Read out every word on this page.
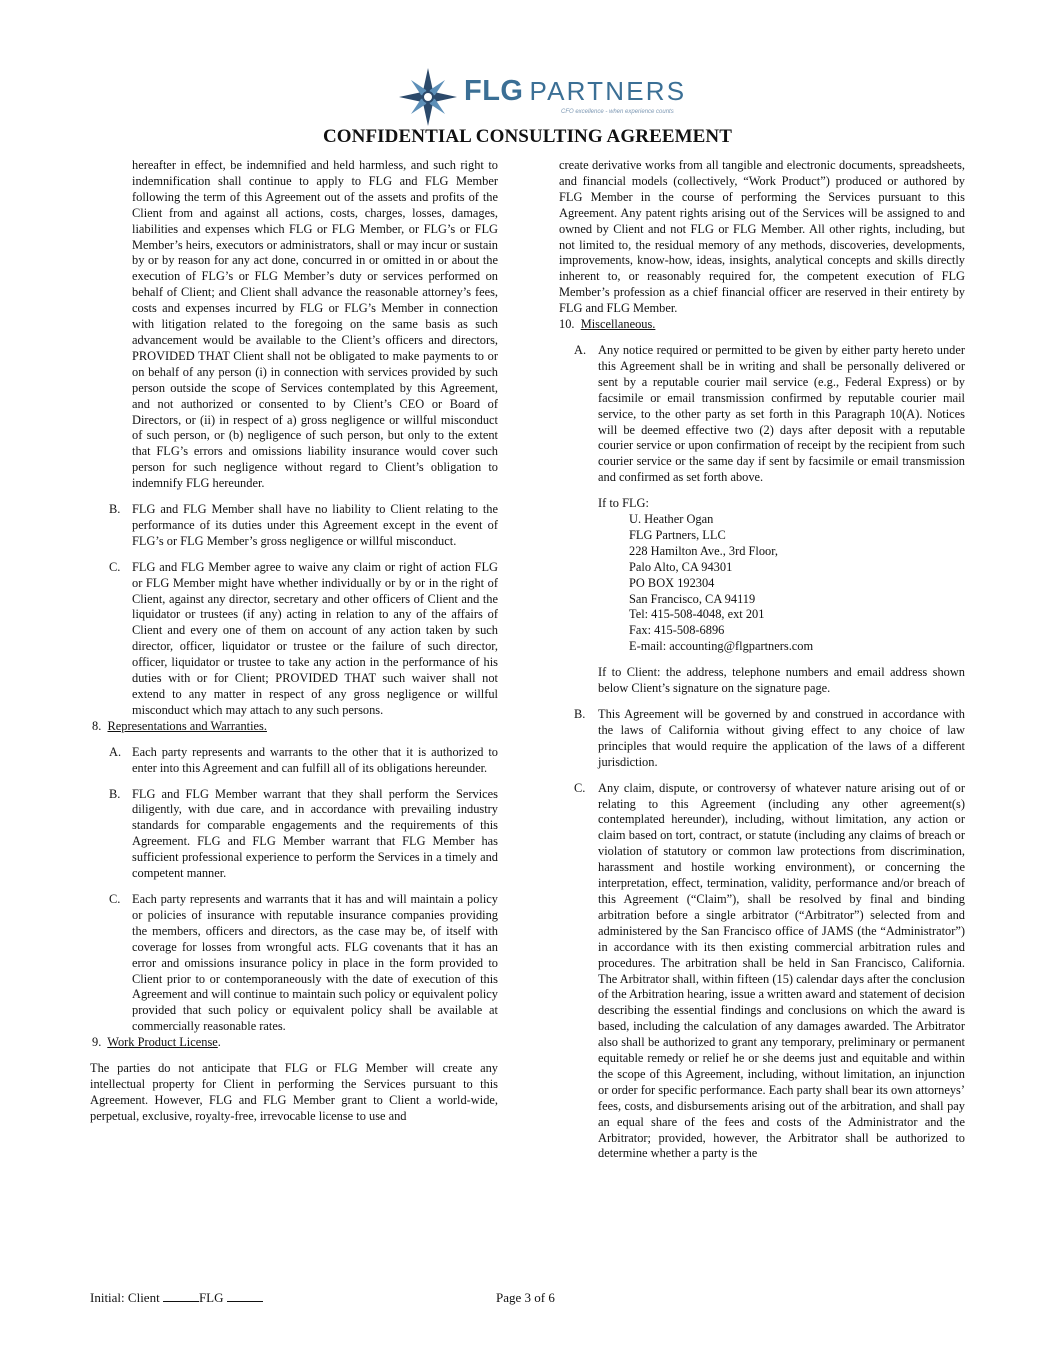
FLG PARTNERS
CFO excellence - when experience counts
CONFIDENTIAL CONSULTING AGREEMENT

hereafter in effect, be indemnified and held harmless, and such right to indemnification shall continue to apply to FLG and FLG Member following the term of this Agreement out of the assets and profits of the Client from and against all actions, costs, charges, losses, damages, liabilities and expenses which FLG or FLG Member, or FLG’s or FLG Member’s heirs, executors or administrators, shall or may incur or sustain by or by reason for any act done, concurred in or omitted in or about the execution of FLG’s or FLG Member’s duty or services performed on behalf of Client; and Client shall advance the reasonable attorney’s fees, costs and expenses incurred by FLG or FLG’s Member in connection with litigation related to the foregoing on the same basis as such advancement would be available to the Client’s officers and directors, PROVIDED THAT Client shall not be obligated to make payments to or on behalf of any person (i) in connection with services provided by such person outside the scope of Services contemplated by this Agreement, and not authorized or consented to by Client’s CEO or Board of Directors, or (ii) in respect of a) gross negligence or willful misconduct of such person, or (b) negligence of such person, but only to the extent that FLG’s errors and omissions liability insurance would cover such person for such negligence without regard to Client’s obligation to indemnify FLG hereunder.

B. FLG and FLG Member shall have no liability to Client relating to the performance of its duties under this Agreement except in the event of FLG’s or FLG Member’s gross negligence or willful misconduct.

C. FLG and FLG Member agree to waive any claim or right of action FLG or FLG Member might have whether individually or by or in the right of Client, against any director, secretary and other officers of Client and the liquidator or trustees (if any) acting in relation to any of the affairs of Client and every one of them on account of any action taken by such director, officer, liquidator or trustee or the failure of such director, officer, liquidator or trustee to take any action in the performance of his duties with or for Client; PROVIDED THAT such waiver shall not extend to any matter in respect of any gross negligence or willful misconduct which may attach to any such persons.

8. Representations and Warranties.

A. Each party represents and warrants to the other that it is authorized to enter into this Agreement and can fulfill all of its obligations hereunder.

B. FLG and FLG Member warrant that they shall perform the Services diligently, with due care, and in accordance with prevailing industry standards for comparable engagements and the requirements of this Agreement. FLG and FLG Member warrant that FLG Member has sufficient professional experience to perform the Services in a timely and competent manner.

C. Each party represents and warrants that it has and will maintain a policy or policies of insurance with reputable insurance companies providing the members, officers and directors, as the case may be, of itself with coverage for losses from wrongful acts. FLG covenants that it has an error and omissions insurance policy in place in the form provided to Client prior to or contemporaneously with the date of execution of this Agreement and will continue to maintain such policy or equivalent policy provided that such policy or equivalent policy shall be available at commercially reasonable rates.

9. Work Product License.

The parties do not anticipate that FLG or FLG Member will create any intellectual property for Client in performing the Services pursuant to this Agreement. However, FLG and FLG Member grant to Client a world-wide, perpetual, exclusive, royalty-free, irrevocable license to use and

create derivative works from all tangible and electronic documents, spreadsheets, and financial models (collectively, “Work Product”) produced or authored by FLG Member in the course of performing the Services pursuant to this Agreement. Any patent rights arising out of the Services will be assigned to and owned by Client and not FLG or FLG Member. All other rights, including, but not limited to, the residual memory of any methods, discoveries, developments, improvements, know-how, ideas, insights, analytical concepts and skills directly inherent to, or reasonably required for, the competent execution of FLG Member’s profession as a chief financial officer are reserved in their entirety by FLG and FLG Member.

10. Miscellaneous.

A. Any notice required or permitted to be given by either party hereto under this Agreement shall be in writing and shall be personally delivered or sent by a reputable courier mail service (e.g., Federal Express) or by facsimile or email transmission confirmed by reputable courier mail service, to the other party as set forth in this Paragraph 10(A). Notices will be deemed effective two (2) days after deposit with a reputable courier service or upon confirmation of receipt by the recipient from such courier service or the same day if sent by facsimile or email transmission and confirmed as set forth above.

If to FLG:
U. Heather Ogan
FLG Partners, LLC
228 Hamilton Ave., 3rd Floor,
Palo Alto, CA 94301
PO BOX 192304
San Francisco, CA 94119
Tel: 415-508-4048, ext 201
Fax: 415-508-6896
E-mail: accounting@flgpartners.com

If to Client: the address, telephone numbers and email address shown below Client’s signature on the signature page.

B.	This Agreement will be governed by and construed in accordance with the laws of California without giving effect to any choice of law principles that would require the application of the laws of a different jurisdiction.

C.	Any claim, dispute, or controversy of whatever nature arising out of or relating to this Agreement (including any other agreement(s) contemplated hereunder), including, without limitation, any action or claim based on tort, contract, or statute (including any claims of breach or violation of statutory or common law protections from discrimination, harassment and hostile working environment), or concerning the interpretation, effect, termination, validity, performance and/or breach of this Agreement (“Claim”), shall be resolved by final and binding arbitration before a single arbitrator (“Arbitrator”) selected from and administered by the San Francisco office of JAMS (the “Administrator”) in accordance with its then existing commercial arbitration rules and procedures. The arbitration shall be held in San Francisco, California. The Arbitrator shall, within fifteen (15) calendar days after the conclusion of the Arbitration hearing, issue a written award and statement of decision describing the essential findings and conclusions on which the award is based, including the calculation of any damages awarded. The Arbitrator also shall be authorized to grant any temporary, preliminary or permanent equitable remedy or relief he or she deems just and equitable and within the scope of this Agreement, including, without limitation, an injunction or order for specific performance. Each party shall bear its own attorneys’ fees, costs, and disbursements arising out of the arbitration, and shall pay an equal share of the fees and costs of the Administrator and the Arbitrator; provided, however, the Arbitrator shall be authorized to determine whether a party is the

Initial: Client	FLG	Page 3 of 6
